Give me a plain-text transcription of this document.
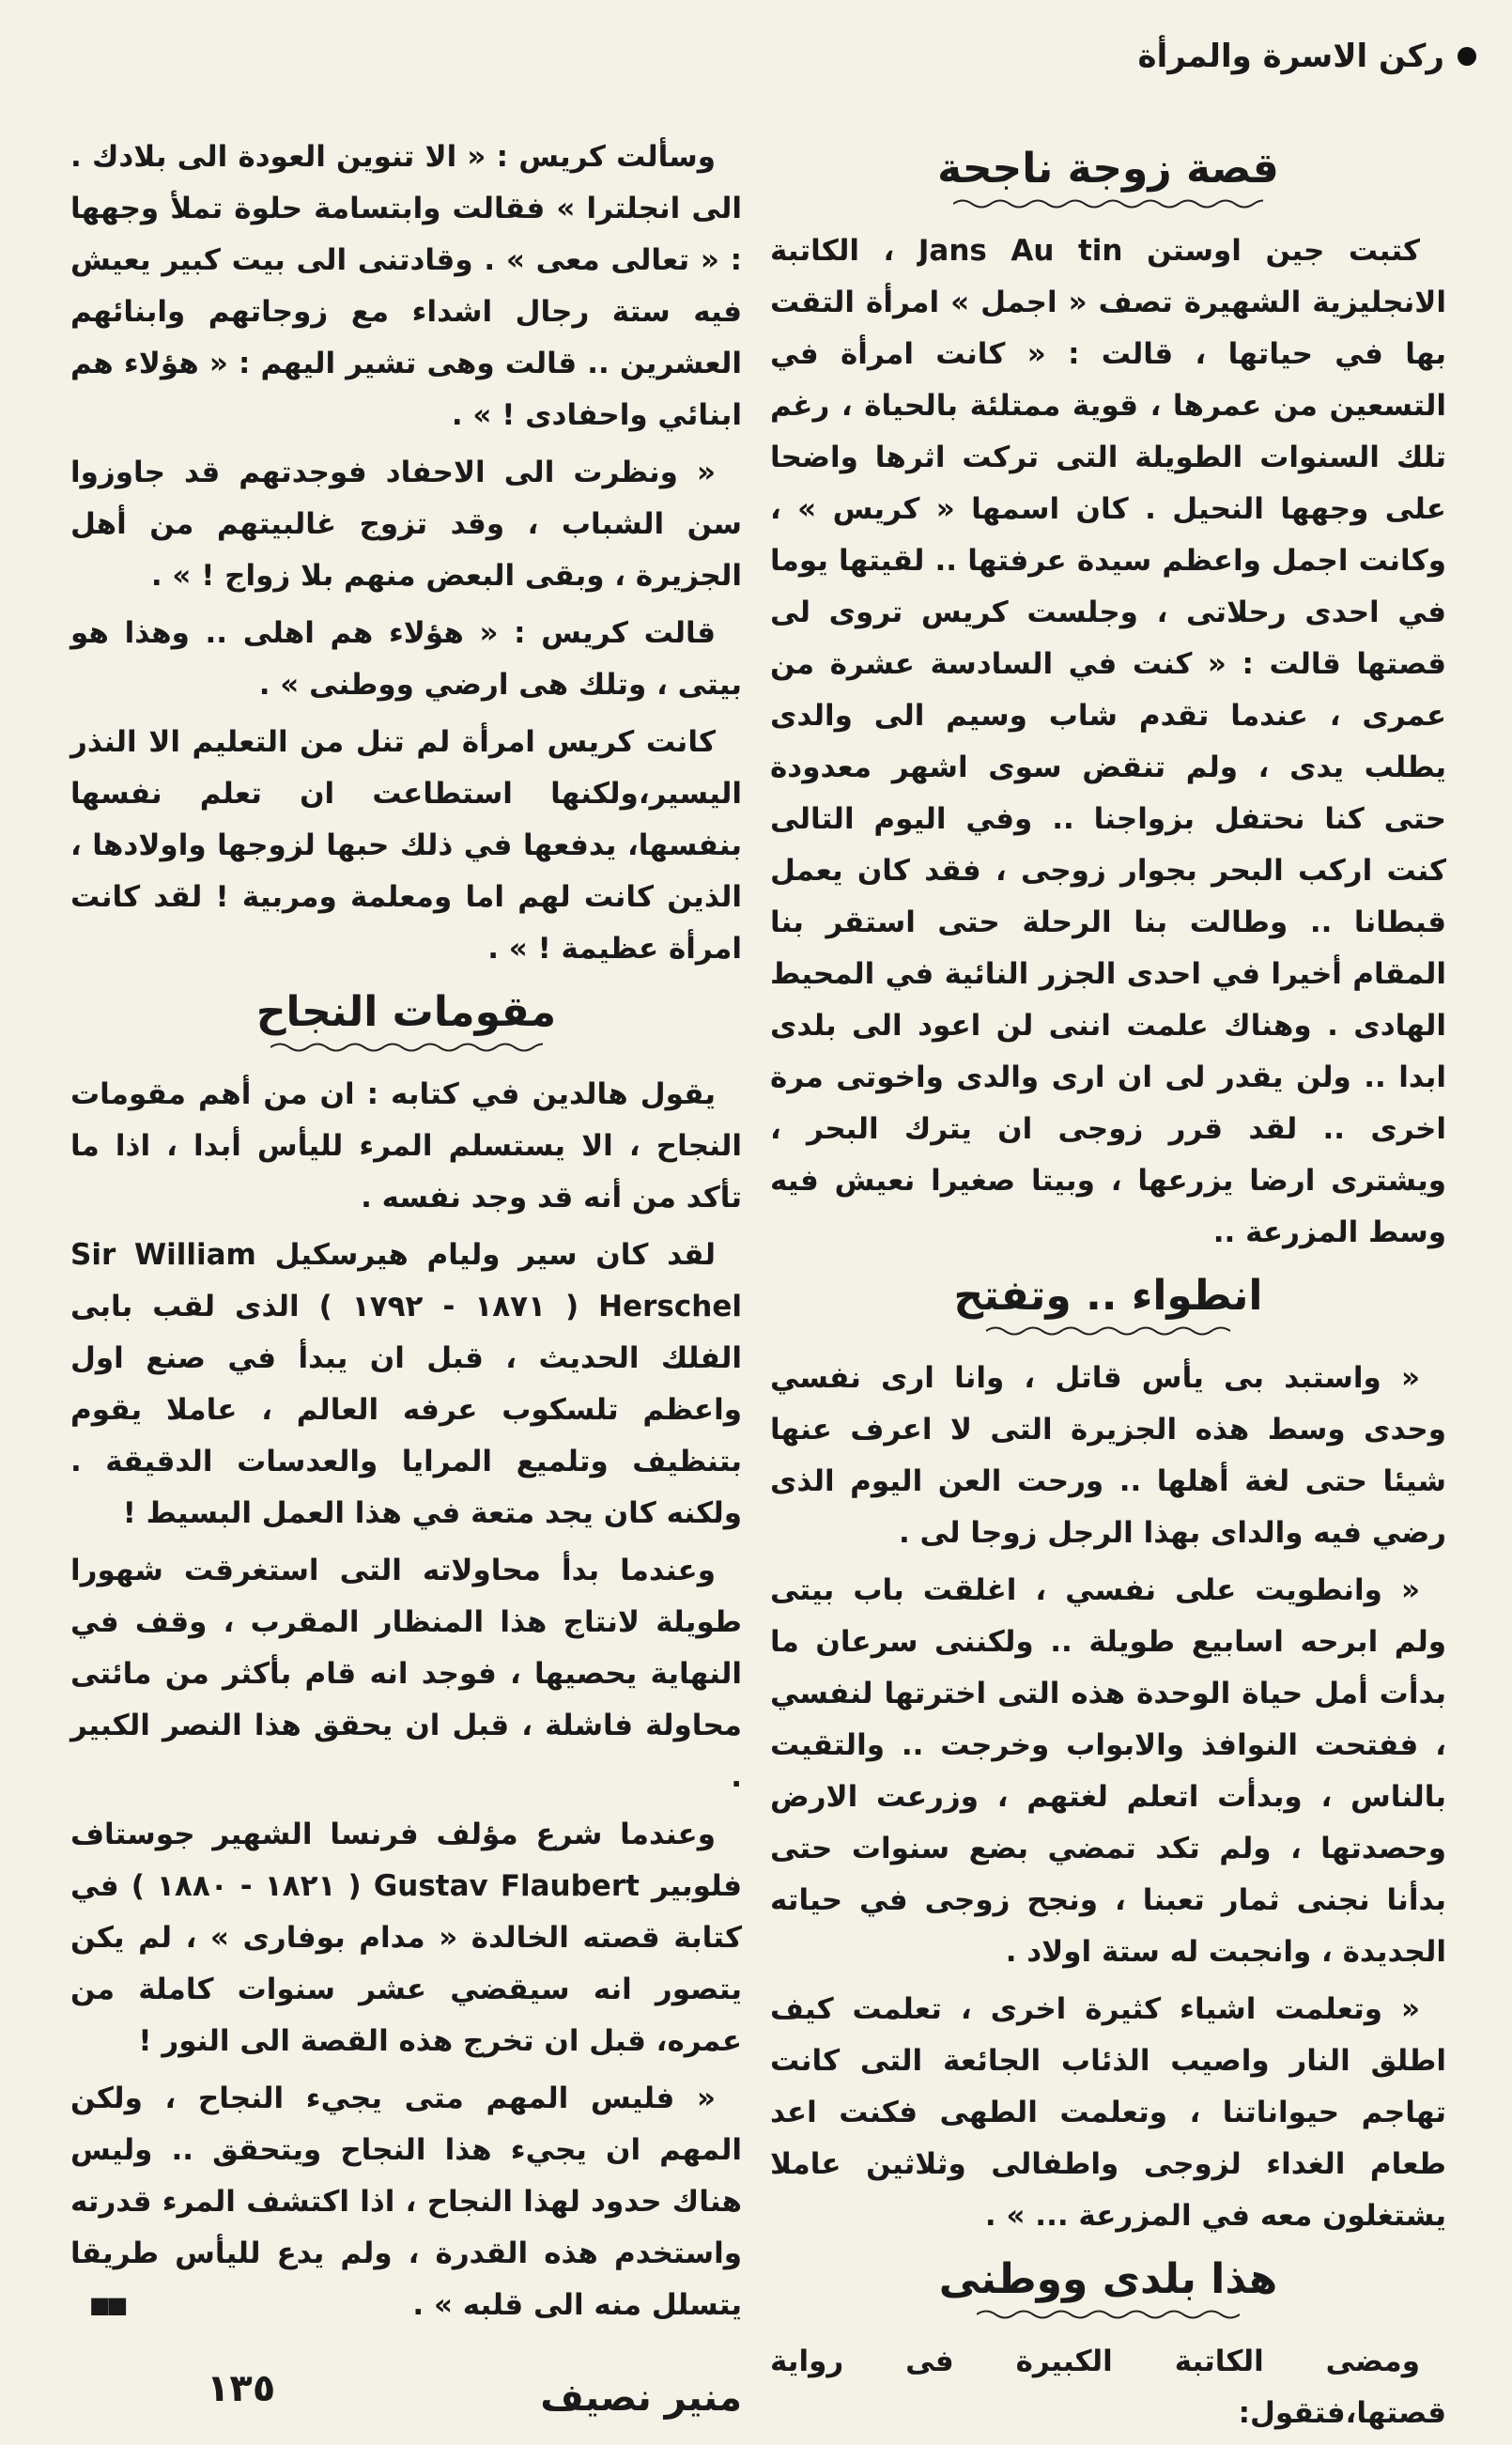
ركن الاسرة والمرأة
قصة زوجة ناجحة

كتبت جين اوستن Jans Au tin ، الكاتبة الانجليزية الشهيرة تصف « اجمل » امرأة التقت بها في حياتها ، قالت : « كانت امرأة في التسعين من عمرها ، قوية ممتلئة بالحياة ، رغم تلك السنوات الطويلة التى تركت اثرها واضحا على وجهها النحيل . كان اسمها « كريس » ، وكانت اجمل واعظم سيدة عرفتها .. لقيتها يوما في احدى رحلاتى ، وجلست كريس تروى لى قصتها قالت : « كنت في السادسة عشرة من عمرى ، عندما تقدم شاب وسيم الى والدى يطلب يدى ، ولم تنقض سوى اشهر معدودة حتى كنا نحتفل بزواجنا .. وفي اليوم التالى كنت اركب البحر بجوار زوجى ، فقد كان يعمل قبطانا .. وطالت بنا الرحلة حتى استقر بنا المقام أخيرا في احدى الجزر النائية في المحيط الهادى . وهناك علمت اننى لن اعود الى بلدى ابدا .. ولن يقدر لى ان ارى والدى واخوتى مرة اخرى .. لقد قرر زوجى ان يترك البحر ، ويشترى ارضا يزرعها ، وبيتا صغيرا نعيش فيه وسط المزرعة ..

انطواء .. وتفتح

« واستبد بى يأس قاتل ، وانا ارى نفسي وحدى وسط هذه الجزيرة التى لا اعرف عنها شيئا حتى لغة أهلها .. ورحت العن اليوم الذى رضي فيه والداى بهذا الرجل زوجا لى .

« وانطويت على نفسي ، اغلقت باب بيتى ولم ابرحه اسابيع طويلة .. ولكننى سرعان ما بدأت أمل حياة الوحدة هذه التى اخترتها لنفسي ، ففتحت النوافذ والابواب وخرجت .. والتقيت بالناس ، وبدأت اتعلم لغتهم ، وزرعت الارض وحصدتها ، ولم تكد تمضي بضع سنوات حتى بدأنا نجنى ثمار تعبنا ، ونجح زوجى في حياته الجديدة ، وانجبت له ستة اولاد .

« وتعلمت اشياء كثيرة اخرى ، تعلمت كيف اطلق النار واصيب الذئاب الجائعة التى كانت تهاجم حيواناتنا ، وتعلمت الطهى فكنت اعد طعام الغداء لزوجى واطفالى وثلاثين عاملا يشتغلون معه في المزرعة ... » .

هذا بلدى ووطنى

ومضى الكاتبة الكبيرة فى رواية قصتها،فتقول:

وسألت كريس : « الا تنوين العودة الى بلادك . الى انجلترا » فقالت وابتسامة حلوة تملأ وجهها : « تعالى معى » . وقادتنى الى بيت كبير يعيش فيه ستة رجال اشداء مع زوجاتهم وابنائهم العشرين .. قالت وهى تشير اليهم : « هؤلاء هم ابنائي واحفادى ! » .

« ونظرت الى الاحفاد فوجدتهم قد جاوزوا سن الشباب ، وقد تزوج غالبيتهم من أهل الجزيرة ، وبقى البعض منهم بلا زواج ! » .

قالت كريس : « هؤلاء هم اهلى .. وهذا هو بيتى ، وتلك هى ارضي ووطنى » .

كانت كريس امرأة لم تنل من التعليم الا النذر اليسير،ولكنها استطاعت ان تعلم نفسها بنفسها، يدفعها في ذلك حبها لزوجها واولادها ، الذين كانت لهم اما ومعلمة ومربية ! لقد كانت امرأة عظيمة ! » .

مقومات النجاح

يقول هالدين في كتابه : ان من أهم مقومات النجاح ، الا يستسلم المرء لليأس أبدا ، اذا ما تأكد من أنه قد وجد نفسه .

لقد كان سير وليام هيرسكيل Sir William Herschel ( ١٨٧١ - ١٧٩٢ ) الذى لقب بابى الفلك الحديث ، قبل ان يبدأ في صنع اول واعظم تلسكوب عرفه العالم ، عاملا يقوم بتنظيف وتلميع المرايا والعدسات الدقيقة . ولكنه كان يجد متعة في هذا العمل البسيط !

وعندما بدأ محاولاته التى استغرقت شهورا طويلة لانتاج هذا المنظار المقرب ، وقف في النهاية يحصيها ، فوجد انه قام بأكثر من مائتى محاولة فاشلة ، قبل ان يحقق هذا النصر الكبير .

وعندما شرع مؤلف فرنسا الشهير جوستاف فلوبير Gustav Flaubert ( ١٨٢١ - ١٨٨٠ ) في كتابة قصته الخالدة « مدام بوفارى » ، لم يكن يتصور انه سيقضي عشر سنوات كاملة من عمره، قبل ان تخرج هذه القصة الى النور !

« فليس المهم متى يجيء النجاح ، ولكن المهم ان يجيء هذا النجاح ويتحقق .. وليس هناك حدود لهذا النجاح ، اذا اكتشف المرء قدرته واستخدم هذه القدرة ، ولم يدع لليأس طريقا يتسلل منه الى قلبه » .
■■

منير نصيف
١٣٥
